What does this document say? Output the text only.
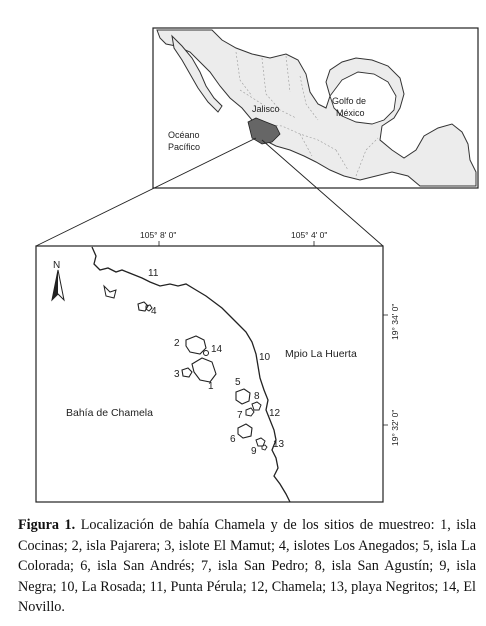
Jalisco
Golfo de
México
Océano
Pacífico
105° 8' 0"	105° 4' 0"
19° 34' 0"
19° 32' 0"
N
11
4
2
14
10
3
1 5
8
7	12
6	13
9
Bahía de Chamela
Mpio La Huerta
Figura 1. Localización de bahía Chamela y de los sitios de muestreo: 1, isla Cocinas; 2, isla Pajarera; 3, islote El Mamut; 4, islotes Los Anegados; 5, isla La Colorada; 6, isla San Andrés; 7, isla San Pedro; 8, isla San Agustín; 9, isla Negra; 10, La Rosada; 11, Punta Pérula; 12, Chamela; 13, playa Negritos; 14, El Novillo.
